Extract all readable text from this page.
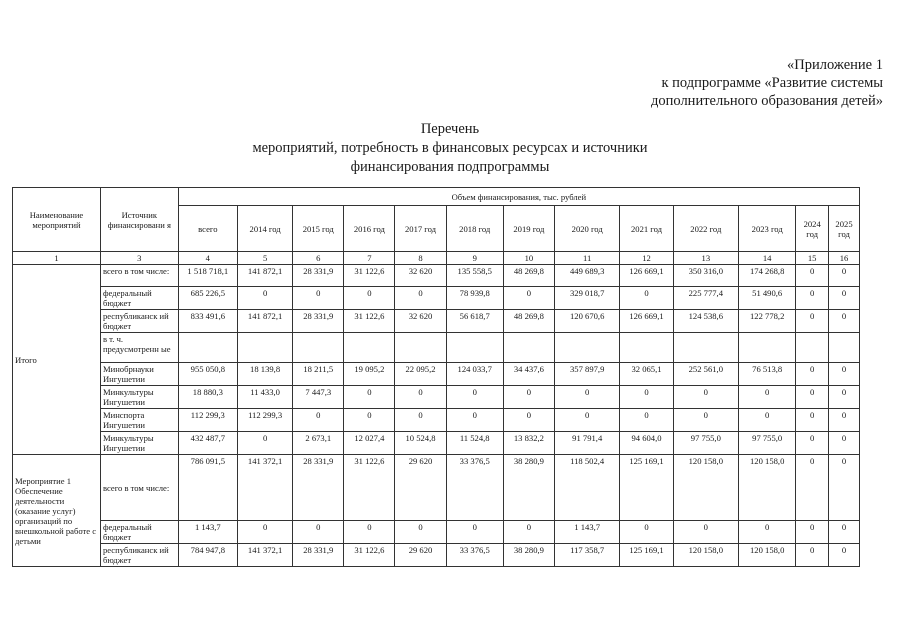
«Приложение 1
к подпрограмме «Развитие системы
дополнительного образования детей»
Перечень
мероприятий, потребность в финансовых ресурсах и источники
финансирования подпрограммы
Наименование мероприятий	Источник финансировани я	Объем финансирования, тыс. рублей												
		всего	2014 год	2015 год	2016 год	2017 год	2018 год	2019 год	2020 год	2021 год	2022 год	2023 год	2024 год	2025 год
1	3	4	5	6	7	8	9	10	11	12	13	14	15	16
Итого	всего в том числе:	1 518 718,1	141 872,1	28 331,9	31 122,6	32 620	135 558,5	48 269,8	449 689,3	126 669,1	350 316,0	174 268,8	0	0
	федеральный бюджет	685 226,5	0	0	0	0	78 939,8	0	329 018,7	0	225 777,4	51 490,6	0	0
	республиканск ий бюджет	833 491,6	141 872,1	28 331,9	31 122,6	32 620	56 618,7	48 269,8	120 670,6	126 669,1	124 538,6	122 778,2	0	0
	в т. ч. предусмотренн ые													
	Минобрнауки Ингушетии	955 050,8	18 139,8	18 211,5	19 095,2	22 095,2	124 033,7	34 437,6	357 897,9	32 065,1	252 561,0	76 513,8	0	0
	Минкультуры Ингушетии	18 880,3	11 433,0	7 447,3	0	0	0	0	0	0	0	0	0	0
	Минспорта Ингушетии	112 299,3	112 299,3	0	0	0	0	0	0	0	0	0	0	0
	Минкультуры Ингушетии	432 487,7	0	2 673,1	12 027,4	10 524,8	11 524,8	13 832,2	91 791,4	94 604,0	97 755,0	97 755,0	0	0
Мероприятие 1 Обеспечение деятельности (оказание услуг) организаций по внешкольной работе с детьми	всего в том числе:	786 091,5	141 372,1	28 331,9	31 122,6	29 620	33 376,5	38 280,9	118 502,4	125 169,1	120 158,0	120 158,0	0	0
	федеральный бюджет	1 143,7	0	0	0	0	0	0	1 143,7	0	0	0	0	0
	республиканск ий бюджет	784 947,8	141 372,1	28 331,9	31 122,6	29 620	33 376,5	38 280,9	117 358,7	125 169,1	120 158,0	120 158,0	0	0
